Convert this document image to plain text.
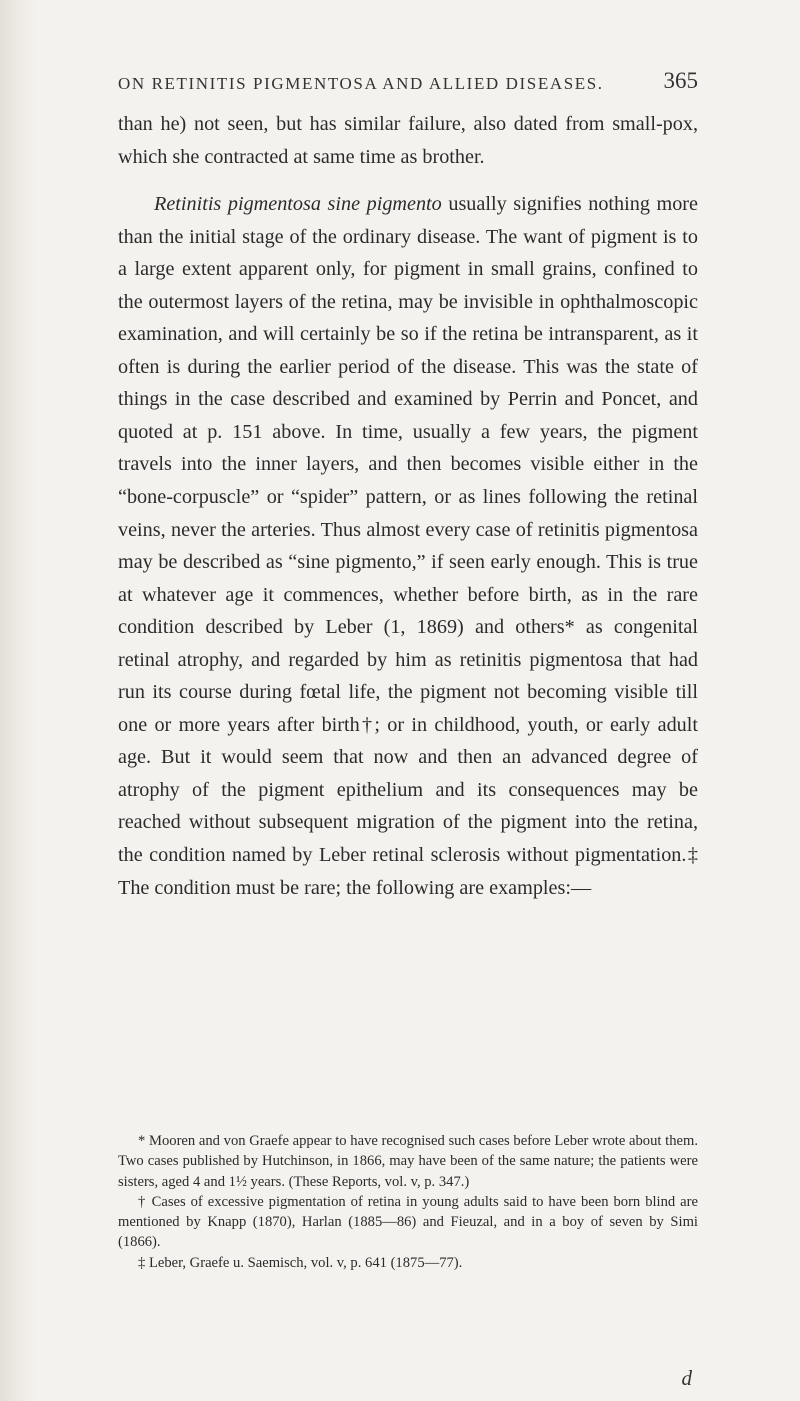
ON RETINITIS PIGMENTOSA AND ALLIED DISEASES.	365

than he) not seen, but has similar failure, also dated from small-pox, which she contracted at same time as brother.

Retinitis pigmentosa sine pigmento usually signifies nothing more than the initial stage of the ordinary disease. The want of pigment is to a large extent apparent only, for pigment in small grains, confined to the outermost layers of the retina, may be invisible in ophthalmoscopic examination, and will certainly be so if the retina be intransparent, as it often is during the earlier period of the disease. This was the state of things in the case described and examined by Perrin and Poncet, and quoted at p. 151 above. In time, usually a few years, the pigment travels into the inner layers, and then becomes visible either in the “bone-corpuscle” or “spider” pattern, or as lines following the retinal veins, never the arteries. Thus almost every case of retinitis pigmentosa may be described as “sine pigmento,” if seen early enough. This is true at whatever age it commences, whether before birth, as in the rare condition described by Leber (1, 1869) and others* as congenital retinal atrophy, and regarded by him as retinitis pigmentosa that had run its course during fœtal life, the pigment not becoming visible till one or more years after birth†; or in childhood, youth, or early adult age. But it would seem that now and then an advanced degree of atrophy of the pigment epithelium and its consequences may be reached without subsequent migration of the pigment into the retina, the condition named by Leber retinal sclerosis without pigmentation.‡ The condition must be rare; the following are examples:—

* Mooren and von Graefe appear to have recognised such cases before Leber wrote about them. Two cases published by Hutchinson, in 1866, may have been of the same nature; the patients were sisters, aged 4 and 1½ years. (These Reports, vol. v, p. 347.)

† Cases of excessive pigmentation of retina in young adults said to have been born blind are mentioned by Knapp (1870), Harlan (1885—86) and Fieuzal, and in a boy of seven by Simi (1866).

‡ Leber, Graefe u. Saemisch, vol. v, p. 641 (1875—77).

d
